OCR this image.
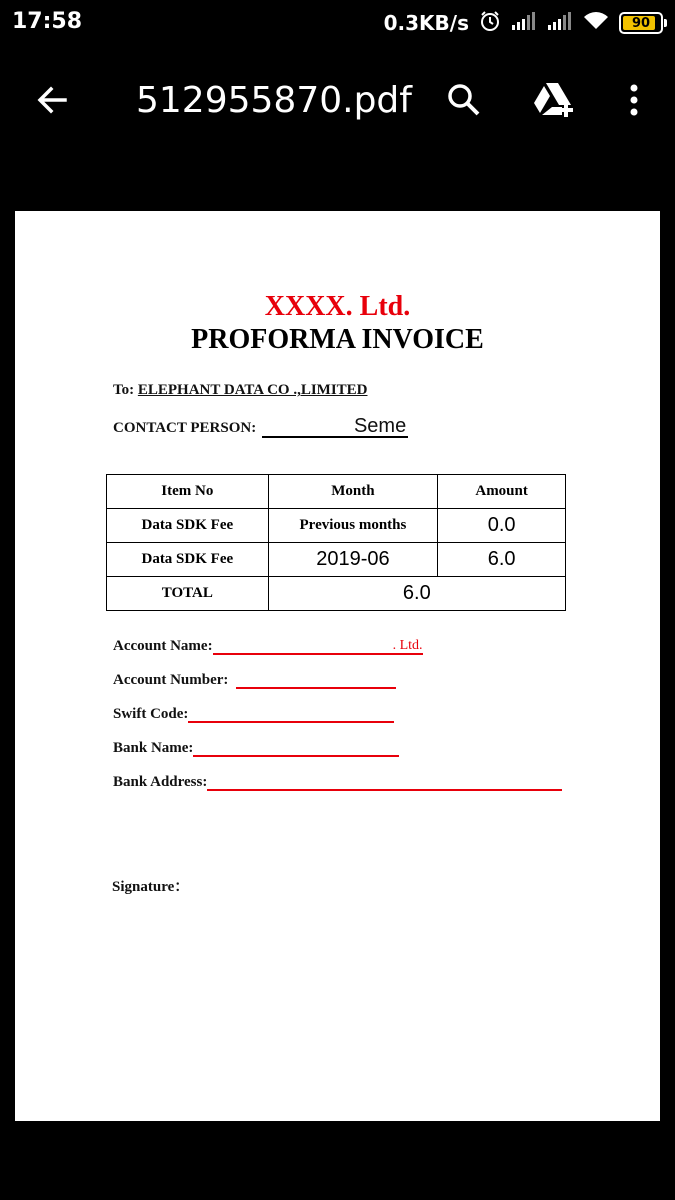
17:58	0.3KB/s	90
512955870.pdf
XXXX. Ltd.
PROFORMA INVOICE
To: ELEPHANT DATA CO .,LIMITED
CONTACT PERSON:	Seme
Item No	Month	Amount
Data SDK Fee	Previous months	0.0
Data SDK Fee	2019-06	6.0
TOTAL	6.0	
Account Name:	. Ltd.
Account Number:
Swift Code:
Bank Name:
Bank Address:
Signature：
